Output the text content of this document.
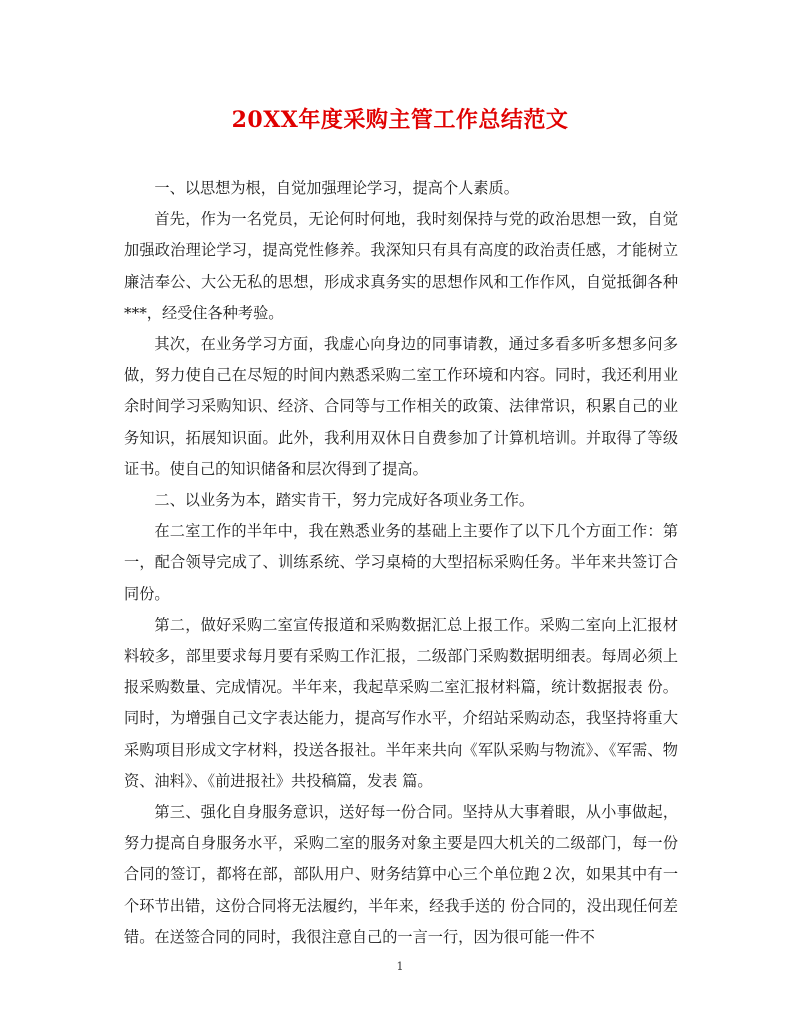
20XX年度采购主管工作总结范文

一、以思想为根，自觉加强理论学习，提高个人素质。

首先，作为一名党员，无论何时何地，我时刻保持与党的政治思想一致，自觉加强政治理论学习，提高党性修养。我深知只有具有高度的政治责任感，才能树立廉洁奉公、大公无私的思想，形成求真务实的思想作风和工作作风，自觉抵御各种***，经受住各种考验。

其次，在业务学习方面，我虚心向身边的同事请教，通过多看多听多想多问多做，努力使自己在尽短的时间内熟悉采购二室工作环境和内容。同时，我还利用业余时间学习采购知识、经济、合同等与工作相关的政策、法律常识，积累自己的业务知识，拓展知识面。此外，我利用双休日自费参加了计算机培训。并取得了等级证书。使自己的知识储备和层次得到了提高。

二、以业务为本，踏实肯干，努力完成好各项业务工作。

在二室工作的半年中，我在熟悉业务的基础上主要作了以下几个方面工作：第一，配合领导完成了、训练系统、学习桌椅的大型招标采购任务。半年来共签订合同份。

第二，做好采购二室宣传报道和采购数据汇总上报工作。采购二室向上汇报材料较多，部里要求每月要有采购工作汇报，二级部门采购数据明细表。每周必须上报采购数量、完成情况。半年来，我起草采购二室汇报材料篇，统计数据报表 份。同时，为增强自己文字表达能力，提高写作水平，介绍站采购动态，我坚持将重大采购项目形成文字材料，投送各报社。半年来共向《军队采购与物流》、《军需、物资、油料》、《前进报社》共投稿篇，发表 篇。

第三、强化自身服务意识，送好每一份合同。坚持从大事着眼，从小事做起，努力提高自身服务水平，采购二室的服务对象主要是四大机关的二级部门，每一份合同的签订，都将在部，部队用户、财务结算中心三个单位跑２次，如果其中有一个环节出错，这份合同将无法履约，半年来，经我手送的 份合同的，没出现任何差错。在送签合同的同时，我很注意自己的一言一行，因为很可能一件不

1
